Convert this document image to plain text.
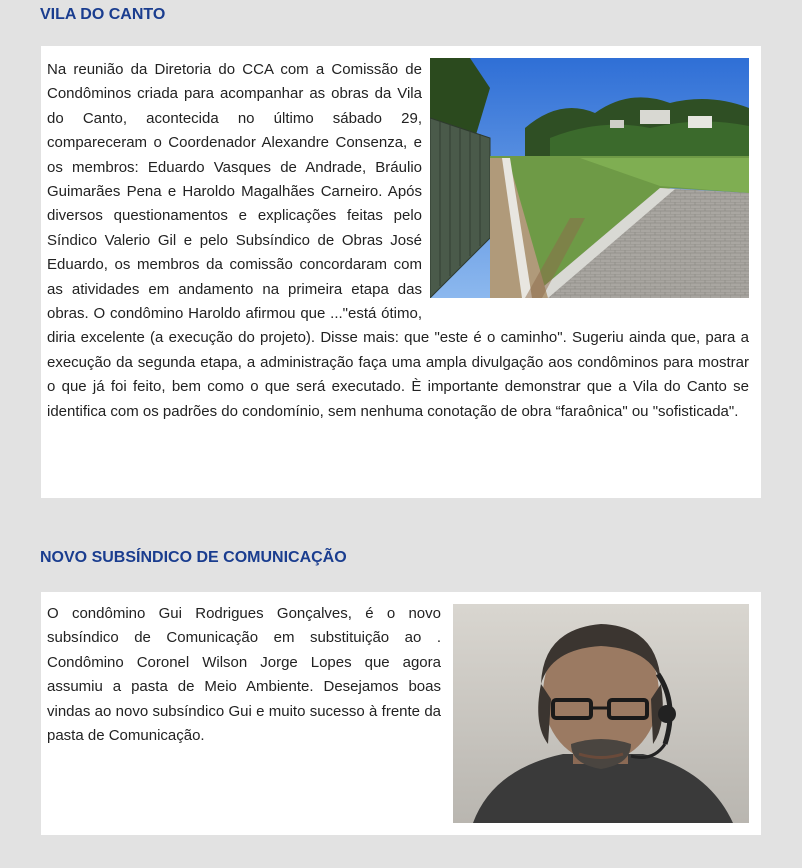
VILA DO CANTO

Na reunião da Diretoria do CCA com a Comissão de Condôminos criada para acompanhar as obras da Vila do Canto, acontecida no último sábado 29, compareceram o Coordenador Alexandre Consenza, e os membros: Eduardo Vasques de Andrade, Bráulio Guimarães Pena e Haroldo Magalhães Carneiro. Após diversos questionamentos e explicações feitas pelo Síndico Valerio Gil e pelo Subsíndico de Obras José Eduardo, os membros da comissão concordaram com as atividades em andamento na primeira etapa das obras. O condômino Haroldo afirmou que ..."está ótimo, diria excelente (a execução do projeto). Disse mais: que "este é o caminho". Sugeriu ainda que, para a execução da segunda etapa, a administração faça uma ampla divulgação aos condôminos para mostrar o que já foi feito, bem como o que será executado. È importante demonstrar que a Vila do Canto se identifica com os padrões do condomínio, sem nenhuma conotação de obra “faraônica" ou "sofisticada".

NOVO SUBSÍNDICO DE COMUNICAÇÃO

O condômino Gui Rodrigues Gonçalves, é o novo subsíndico de Comunicação em substituição ao . Condômino Coronel Wilson Jorge Lopes que agora assumiu a pasta de Meio Ambiente. Desejamos boas vindas ao novo subsíndico Gui e muito sucesso à frente da pasta de Comunicação.
